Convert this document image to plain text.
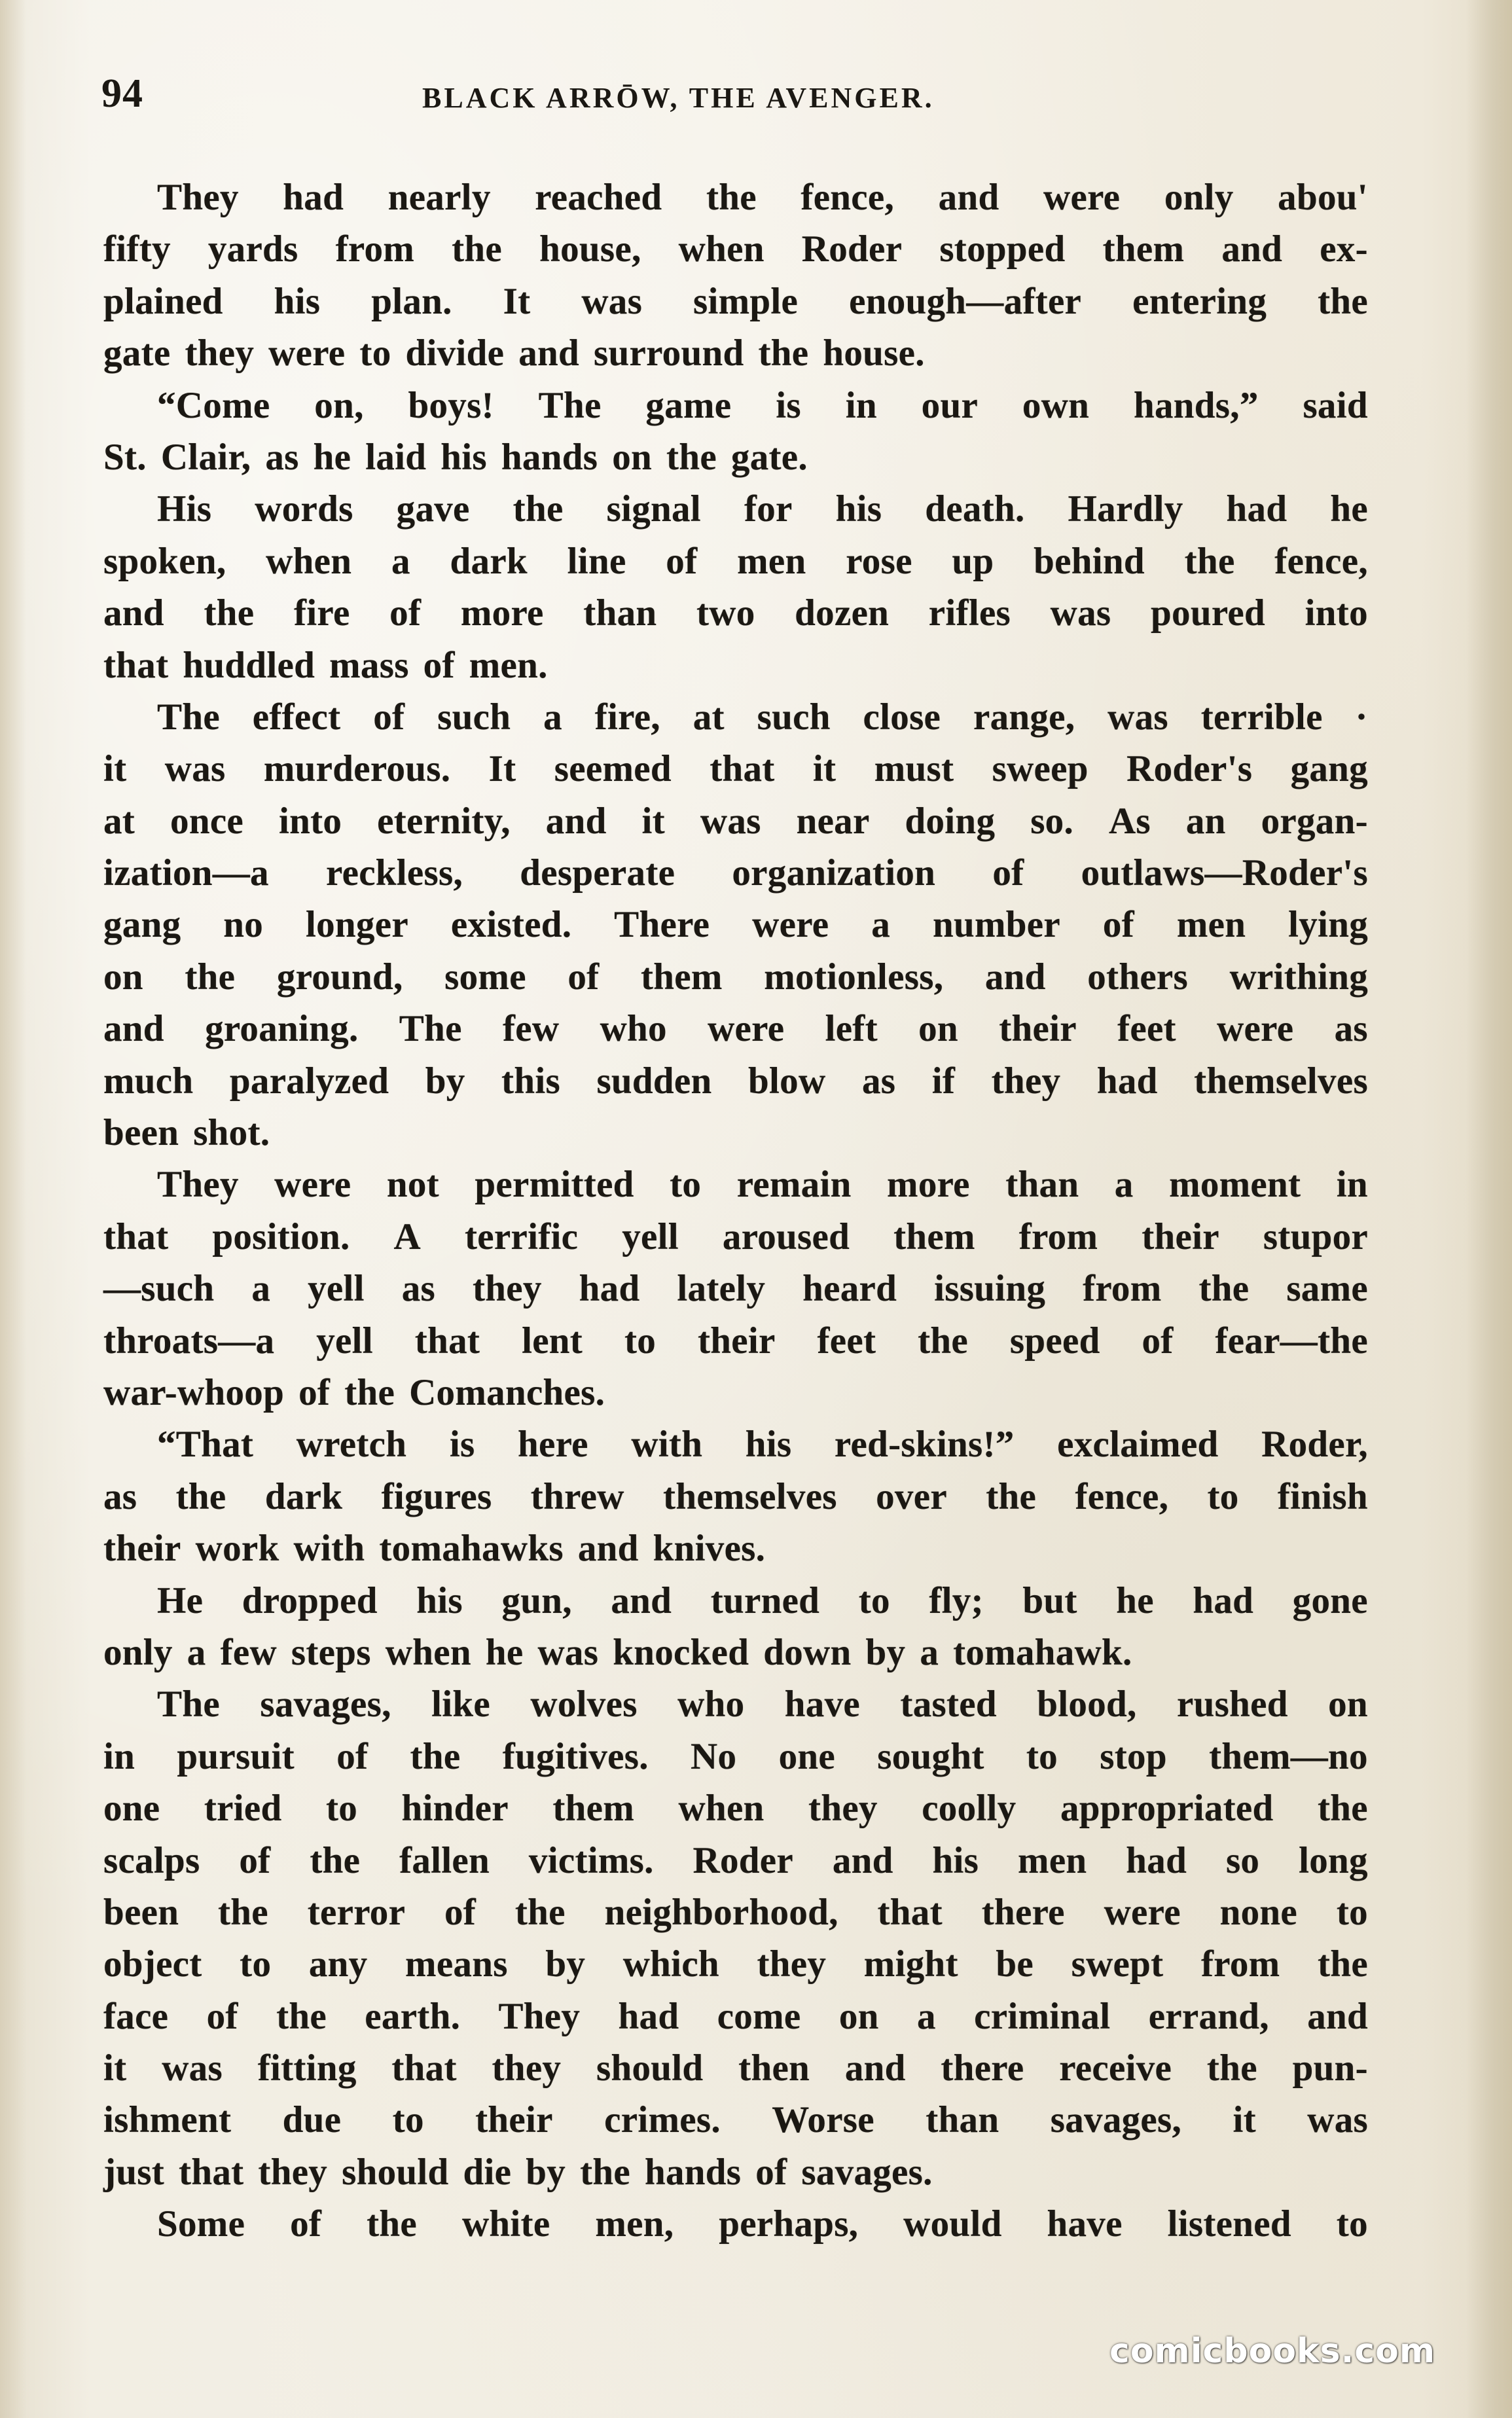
94	BLACK ARRŌW, THE AVENGER.
They had nearly reached the fence, and were only abou'
fifty yards from the house, when Roder stopped them and ex-
plained his plan. It was simple enough—after entering the
gate they were to divide and surround the house.
“Come on, boys! The game is in our own hands,” said
St. Clair, as he laid his hands on the gate.
His words gave the signal for his death. Hardly had he
spoken, when a dark line of men rose up behind the fence,
and the fire of more than two dozen rifles was poured into
that huddled mass of men.
The effect of such a fire, at such close range, was terrible ·
it was murderous. It seemed that it must sweep Roder's gang
at once into eternity, and it was near doing so. As an organ-
ization—a reckless, desperate organization of outlaws—Roder's
gang no longer existed. There were a number of men lying
on the ground, some of them motionless, and others writhing
and groaning. The few who were left on their feet were as
much paralyzed by this sudden blow as if they had themselves
been shot.
They were not permitted to remain more than a moment in
that position. A terrific yell aroused them from their stupor
—such a yell as they had lately heard issuing from the same
throats—a yell that lent to their feet the speed of fear—the
war-whoop of the Comanches.
“That wretch is here with his red-skins!” exclaimed Roder,
as the dark figures threw themselves over the fence, to finish
their work with tomahawks and knives.
He dropped his gun, and turned to fly; but he had gone
only a few steps when he was knocked down by a tomahawk.
The savages, like wolves who have tasted blood, rushed on
in pursuit of the fugitives. No one sought to stop them—no
one tried to hinder them when they coolly appropriated the
scalps of the fallen victims. Roder and his men had so long
been the terror of the neighborhood, that there were none to
object to any means by which they might be swept from the
face of the earth. They had come on a criminal errand, and
it was fitting that they should then and there receive the pun-
ishment due to their crimes. Worse than savages, it was
just that they should die by the hands of savages.
Some of the white men, perhaps, would have listened to
comicbooks.com
